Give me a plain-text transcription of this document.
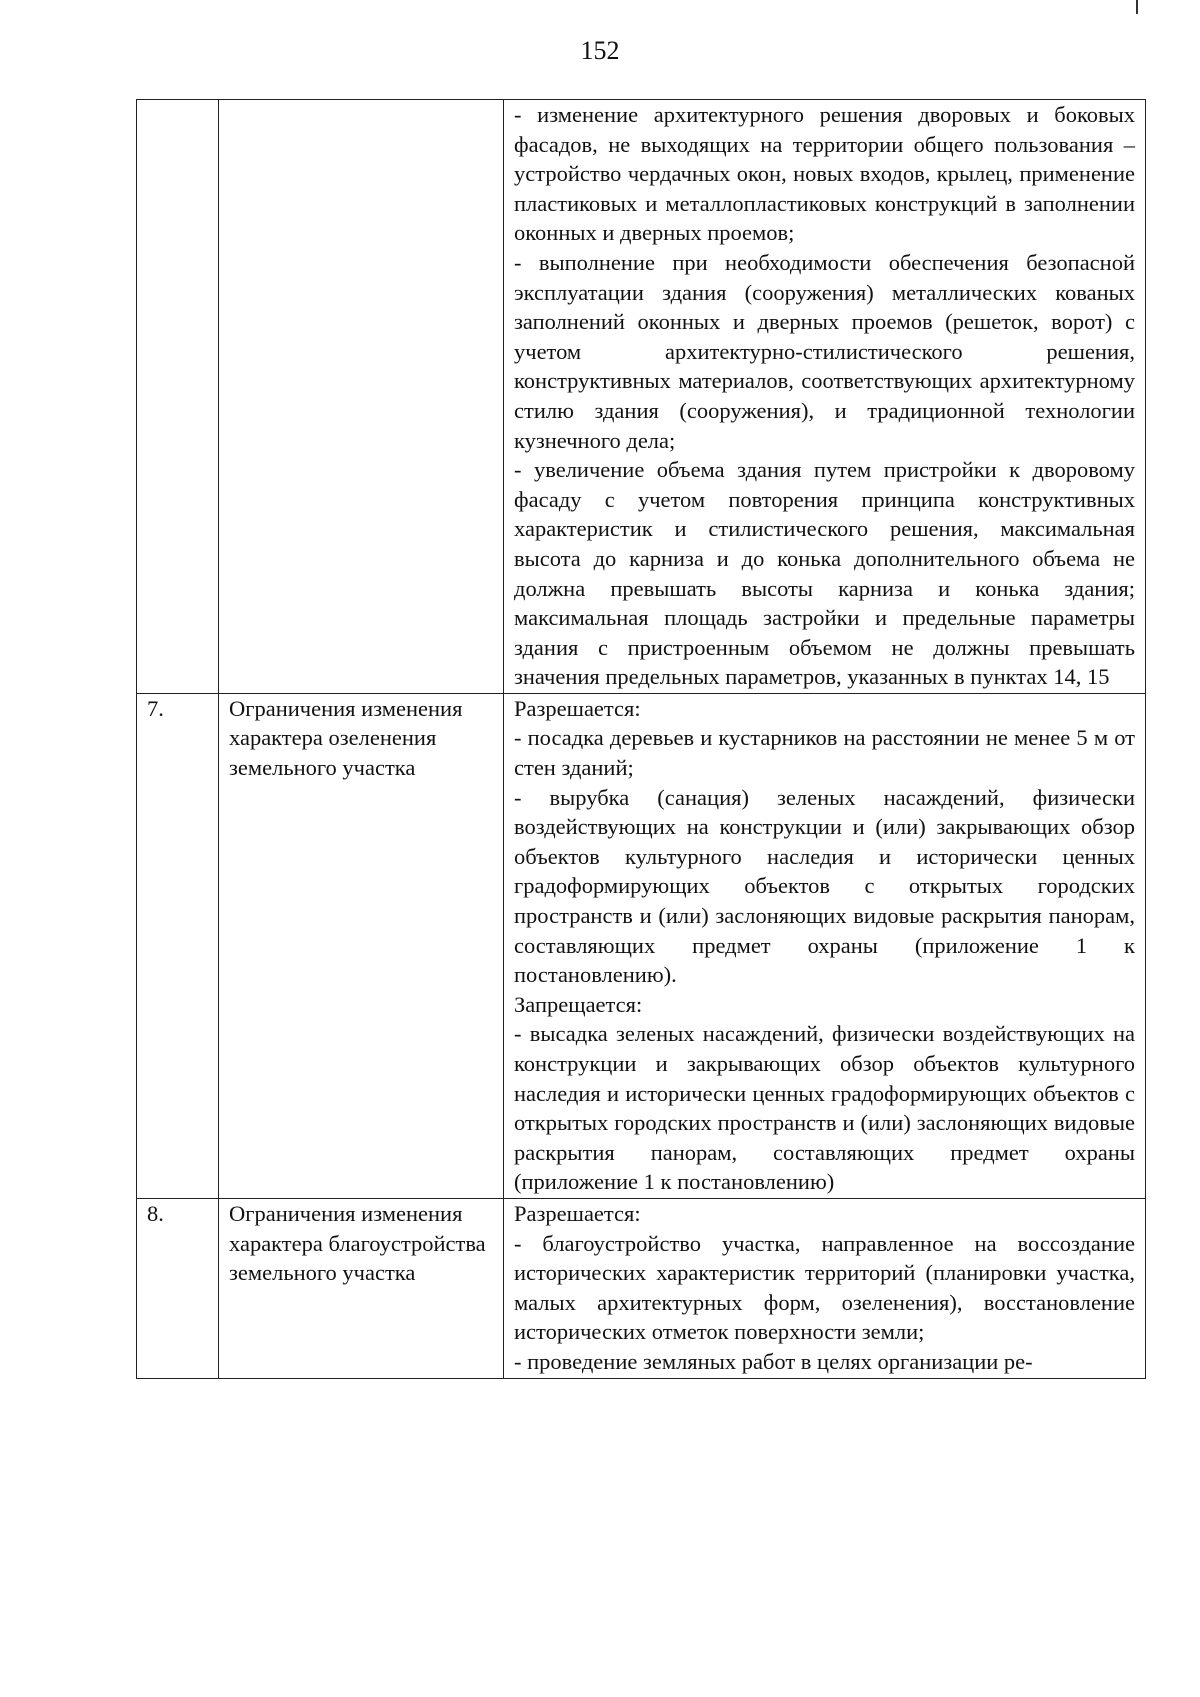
152

		- изменение архитектурного решения дворовых и боковых фасадов, не выходящих на территории общего пользования – устройство чердачных окон, новых входов, крылец, применение пластиковых и металлопластиковых конструкций в заполнении оконных и дверных проемов;
- выполнение при необходимости обеспечения безопасной эксплуатации здания (сооружения) металлических кованых заполнений оконных и дверных проемов (решеток, ворот) с учетом архитектурно-стилистического решения, конструктивных материалов, соответствующих архитектурному стилю здания (сооружения), и традиционной технологии кузнечного дела;
- увеличение объема здания путем пристройки к дворовому фасаду с учетом повторения принципа конструктивных характеристик и стилистического решения, максимальная высота до карниза и до конька дополнительного объема не должна превышать высоты карниза и конька здания; максимальная площадь застройки и предельные параметры здания с пристроенным объемом не должны превышать значения предельных параметров, указанных в пунктах 14, 15

7.	Ограничения изменения характера озеленения земельного участка	Разрешается:
- посадка деревьев и кустарников на расстоянии не менее 5 м от стен зданий;
- вырубка (санация) зеленых насаждений, физически воздействующих на конструкции и (или) закрывающих обзор объектов культурного наследия и исторически ценных градоформирующих объектов с открытых городских пространств и (или) заслоняющих видовые раскрытия панорам, составляющих предмет охраны (приложение 1 к постановлению).
Запрещается:
- высадка зеленых насаждений, физически воздействующих на конструкции и закрывающих обзор объектов культурного наследия и исторически ценных градоформирующих объектов с открытых городских пространств и (или) заслоняющих видовые раскрытия панорам, составляющих предмет охраны (приложение 1 к постановлению)

8.	Ограничения изменения характера благоустройства земельного участка	Разрешается:
- благоустройство участка, направленное на воссоздание исторических характеристик территорий (планировки участка, малых архитектурных форм, озеленения), восстановление исторических отметок поверхности земли;
- проведение земляных работ в целях организации ре-
